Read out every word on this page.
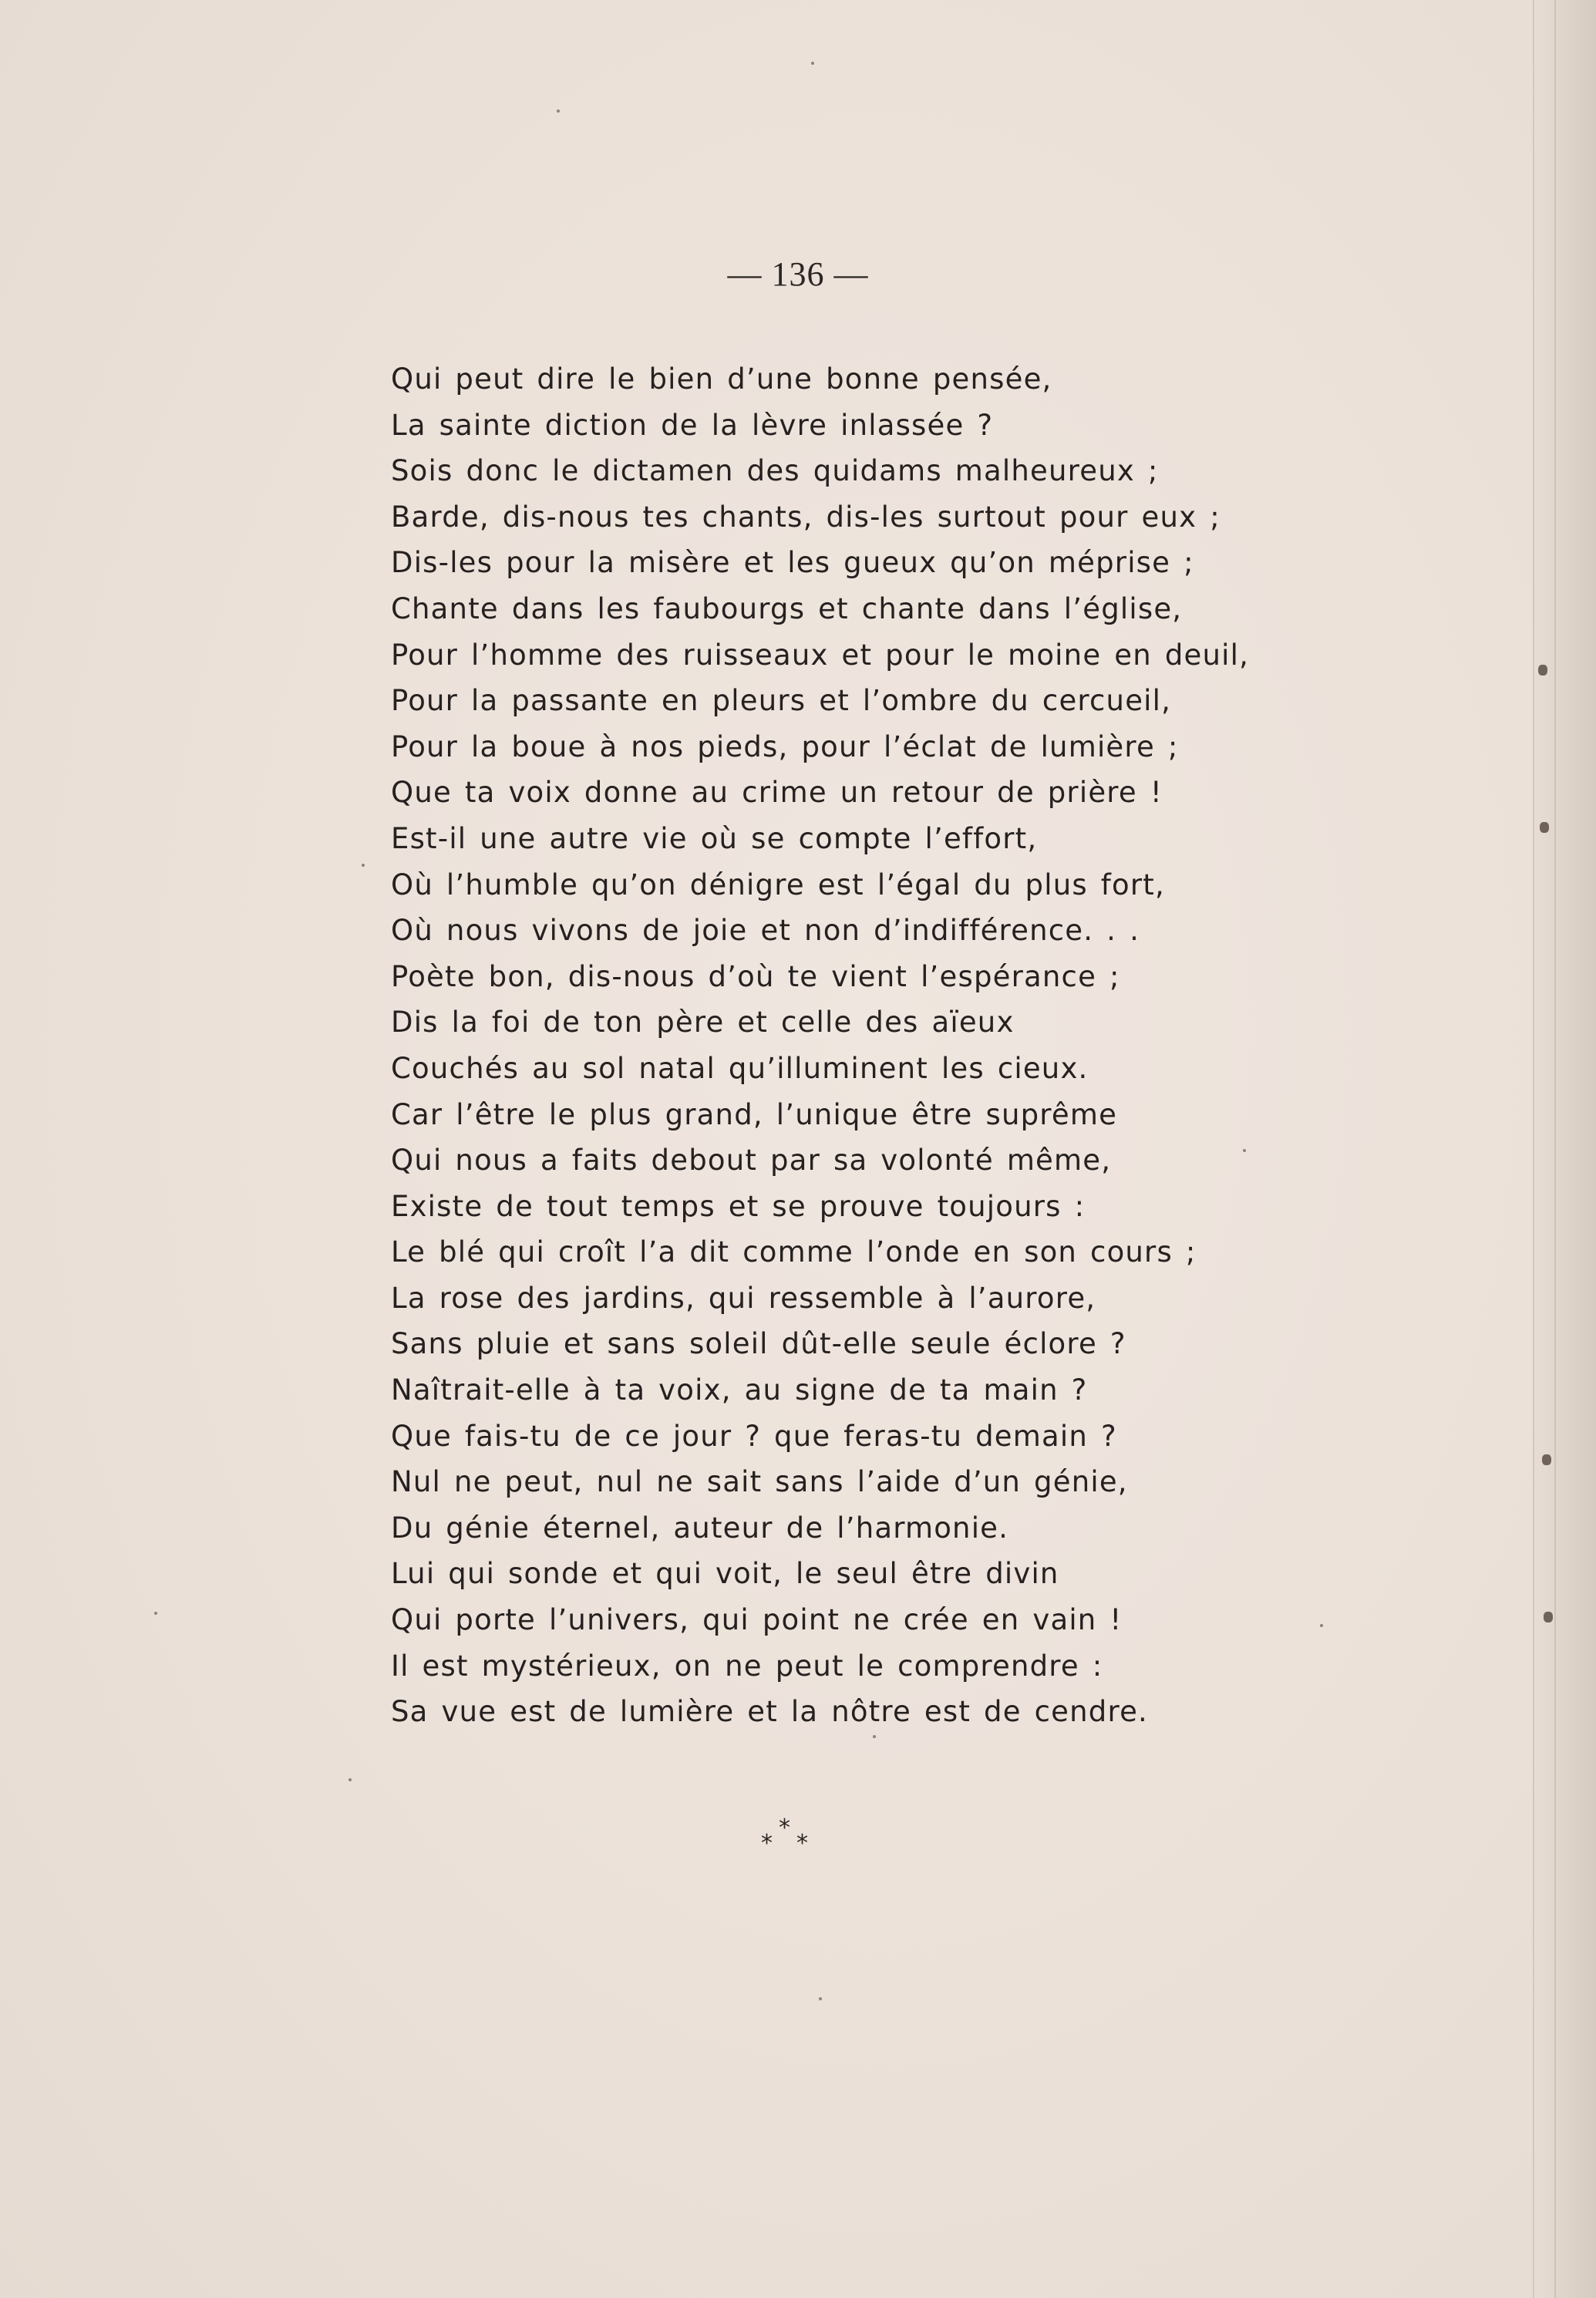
— 136 —
Qui peut dire le bien d’une bonne pensée,
La sainte diction de la lèvre inlassée ?
Sois donc le dictamen des quidams malheureux ;
Barde, dis-nous tes chants, dis-les surtout pour eux ;
Dis-les pour la misère et les gueux qu’on méprise ;
Chante dans les faubourgs et chante dans l’église,
Pour l’homme des ruisseaux et pour le moine en deuil,
Pour la passante en pleurs et l’ombre du cercueil,
Pour la boue à nos pieds, pour l’éclat de lumière ;
Que ta voix donne au crime un retour de prière !
Est-il une autre vie où se compte l’effort,
Où l’humble qu’on dénigre est l’égal du plus fort,
Où nous vivons de joie et non d’indifférence. . .
Poète bon, dis-nous d’où te vient l’espérance ;
Dis la foi de ton père et celle des aïeux
Couchés au sol natal qu’illuminent les cieux.
Car l’être le plus grand, l’unique être suprême
Qui nous a faits debout par sa volonté même,
Existe de tout temps et se prouve toujours :
Le blé qui croît l’a dit comme l’onde en son cours ;
La rose des jardins, qui ressemble à l’aurore,
Sans pluie et sans soleil dût-elle seule éclore ?
Naîtrait-elle à ta voix, au signe de ta main ?
Que fais-tu de ce jour ? que feras-tu demain ?
Nul ne peut, nul ne sait sans l’aide d’un génie,
Du génie éternel, auteur de l’harmonie.
Lui qui sonde et qui voit, le seul être divin
Qui porte l’univers, qui point ne crée en vain !
Il est mystérieux, on ne peut le comprendre :
Sa vue est de lumière et la nôtre est de cendre.
*
* *
